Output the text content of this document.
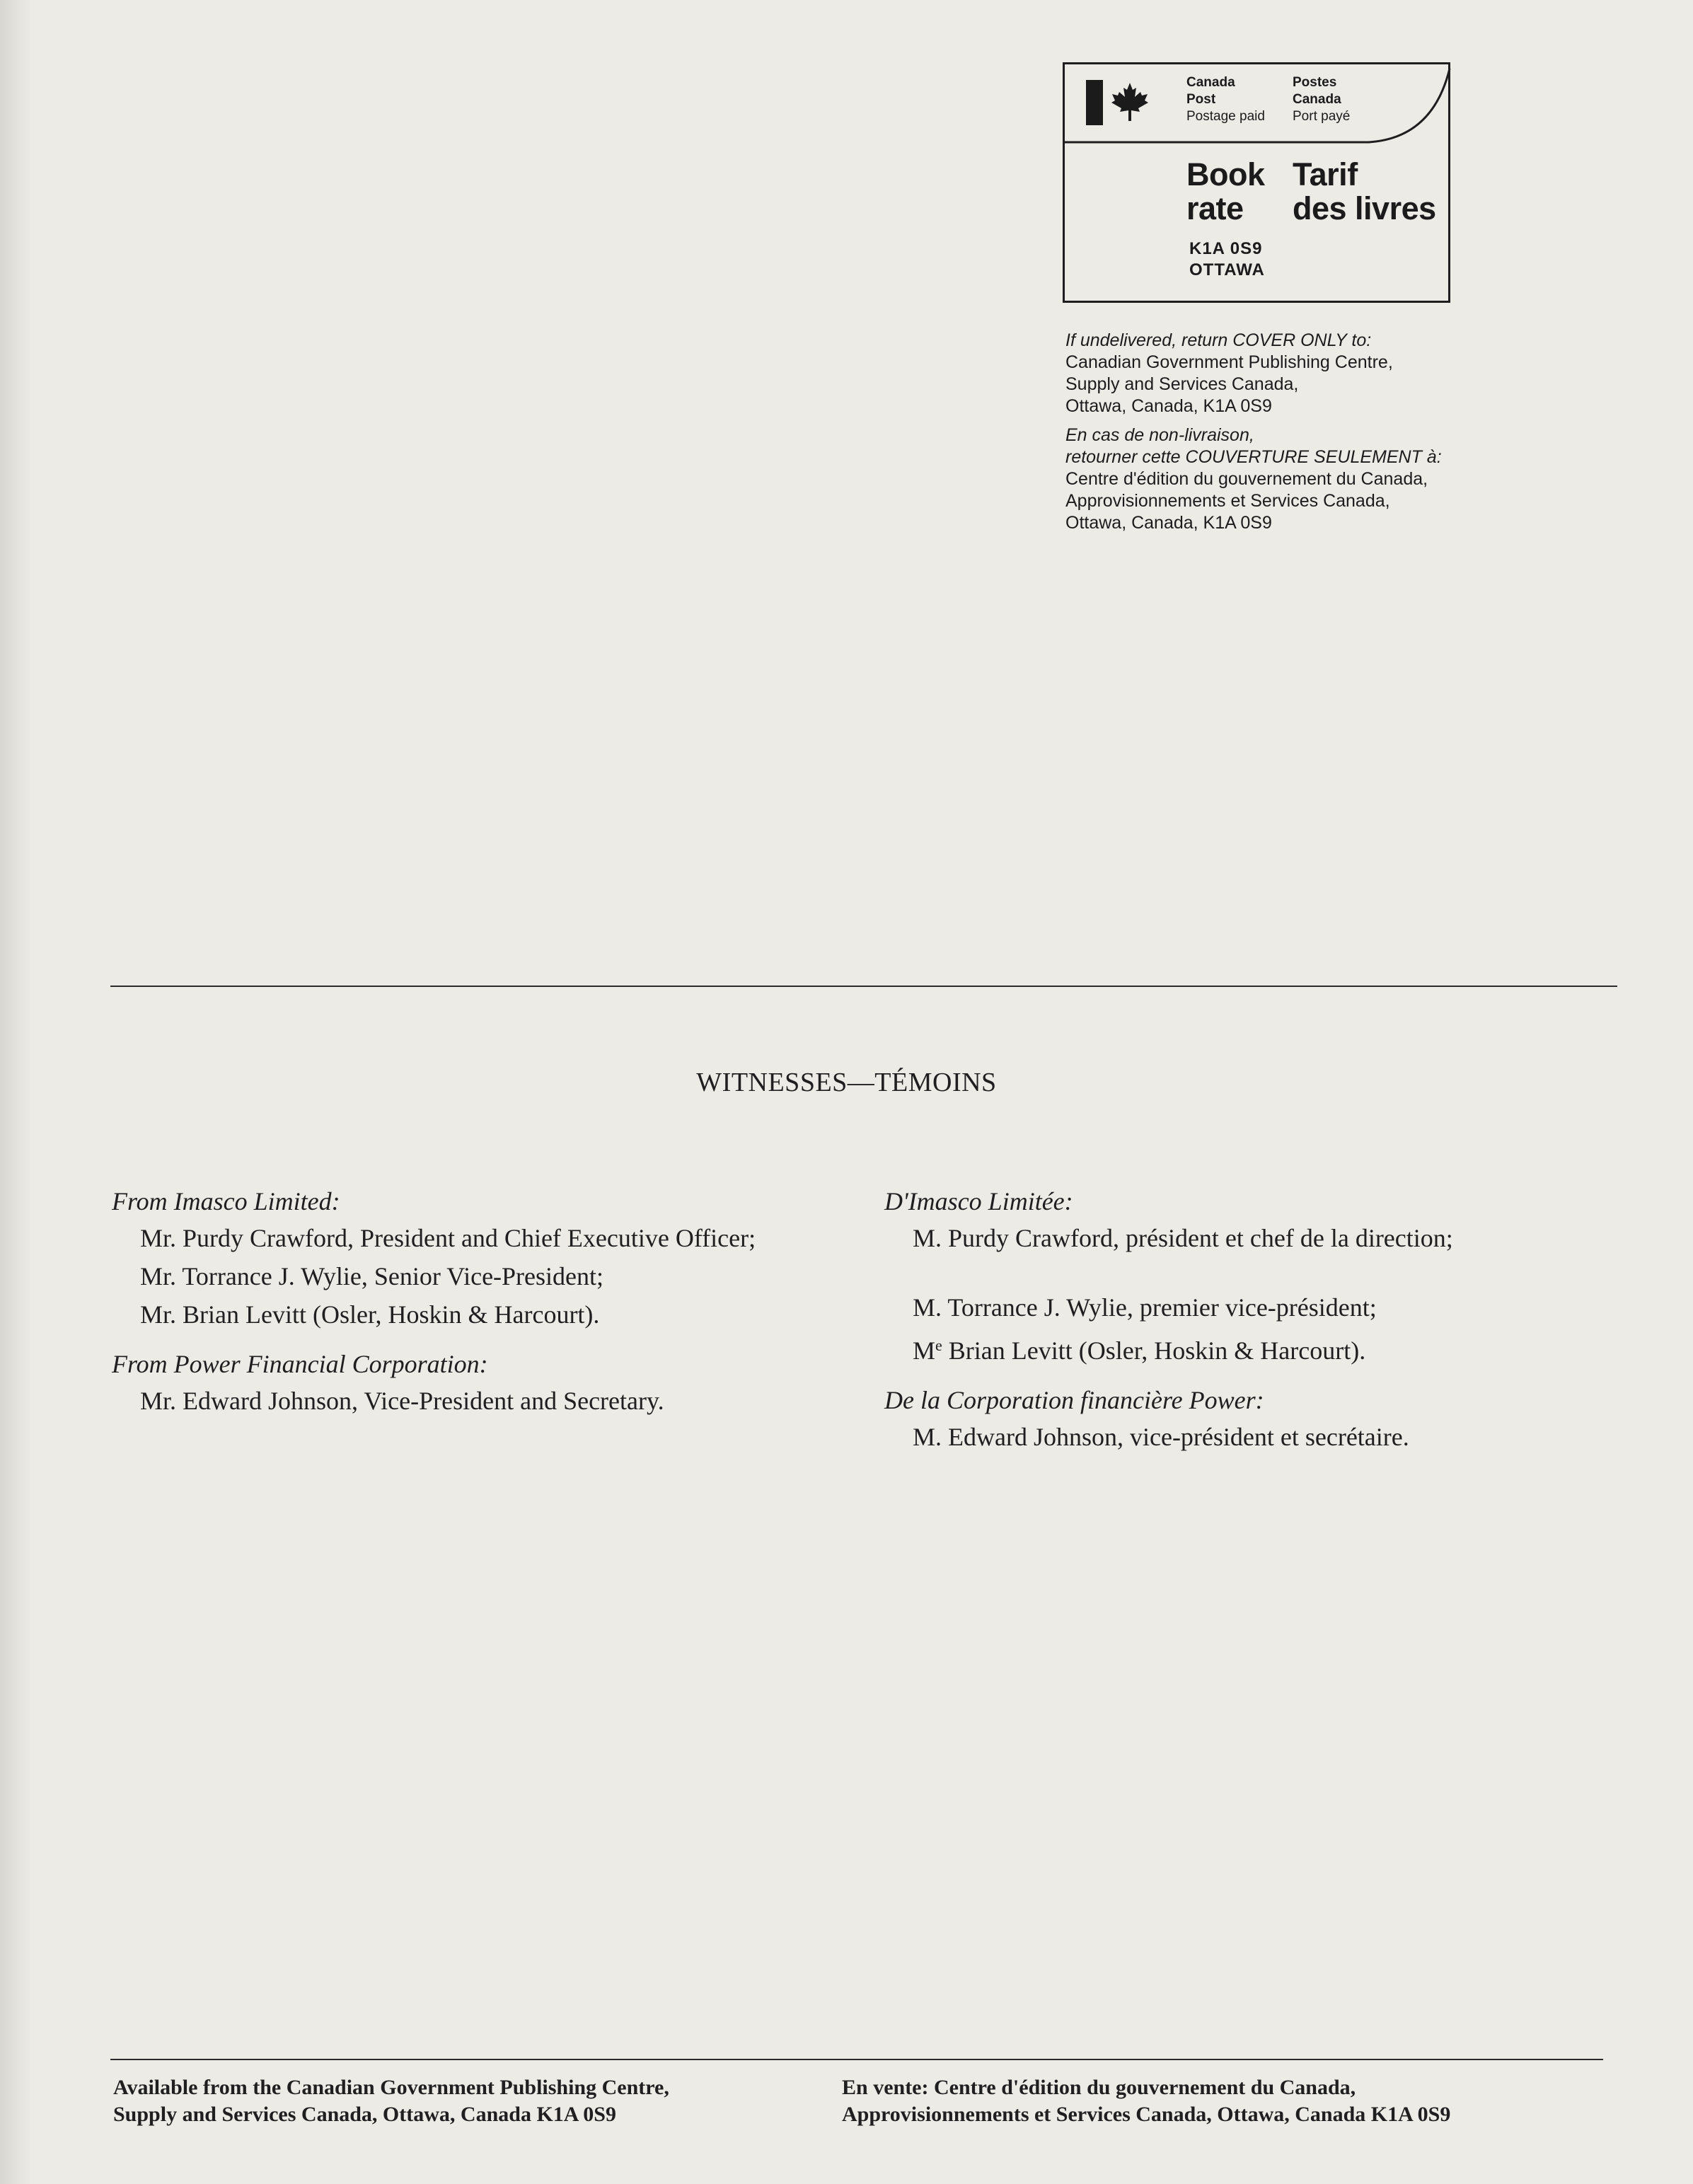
Canada
Post
Postage paid
Postes
Canada
Port payé
Book
rate
Tarif
des livres
K1A 0S9
OTTAWA
If undelivered, return COVER ONLY to:
Canadian Government Publishing Centre,
Supply and Services Canada,
Ottawa, Canada, K1A 0S9
En cas de non-livraison,
retourner cette COUVERTURE SEULEMENT à:
Centre d'édition du gouvernement du Canada,
Approvisionnements et Services Canada,
Ottawa, Canada, K1A 0S9
WITNESSES—TÉMOINS
From Imasco Limited:
Mr. Purdy Crawford, President and Chief Executive Officer;
Mr. Torrance J. Wylie, Senior Vice-President;
Mr. Brian Levitt (Osler, Hoskin & Harcourt).
From Power Financial Corporation:
Mr. Edward Johnson, Vice-President and Secretary.
D'Imasco Limitée:
M. Purdy Crawford, président et chef de la direction;
M. Torrance J. Wylie, premier vice-président;
Me Brian Levitt (Osler, Hoskin & Harcourt).
De la Corporation financière Power:
M. Edward Johnson, vice-président et secrétaire.
Available from the Canadian Government Publishing Centre,
Supply and Services Canada, Ottawa, Canada K1A 0S9
En vente: Centre d'édition du gouvernement du Canada,
Approvisionnements et Services Canada, Ottawa, Canada K1A 0S9
